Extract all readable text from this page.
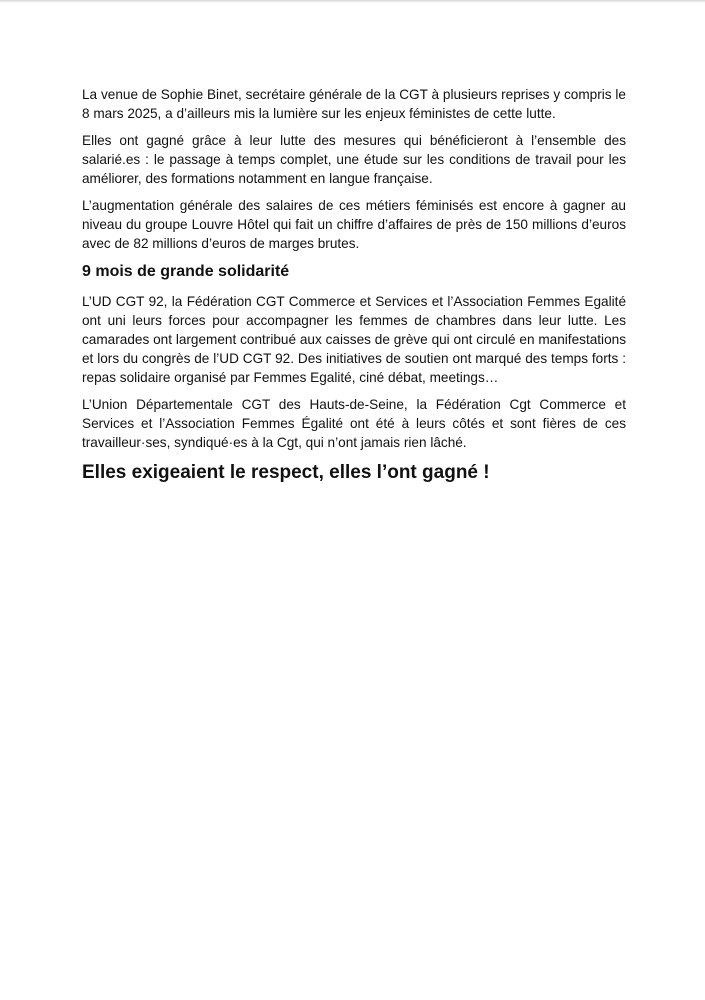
La venue de Sophie Binet, secrétaire générale de la CGT à plusieurs reprises y compris le 8 mars 2025, a d’ailleurs mis la lumière sur les enjeux féministes de cette lutte.

Elles ont gagné grâce à leur lutte des mesures qui bénéficieront à l’ensemble des salarié.es : le passage à temps complet, une étude sur les conditions de travail pour les améliorer, des formations notamment en langue française.

L’augmentation générale des salaires de ces métiers féminisés est encore à gagner au niveau du groupe Louvre Hôtel qui fait un chiffre d’affaires de près de 150 millions d’euros avec de 82 millions d’euros de marges brutes.

9 mois de grande solidarité

L’UD CGT 92, la Fédération CGT Commerce et Services et l’Association Femmes Egalité ont uni leurs forces pour accompagner les femmes de chambres dans leur lutte. Les camarades ont largement contribué aux caisses de grève qui ont circulé en manifestations et lors du congrès de l’UD CGT 92. Des initiatives de soutien ont marqué des temps forts : repas solidaire organisé par Femmes Egalité, ciné débat, meetings…

L’Union Départementale CGT des Hauts-de-Seine, la Fédération Cgt Commerce et Services et l’Association Femmes Égalité ont été à leurs côtés et sont fières de ces travailleur·ses, syndiqué·es à la Cgt, qui n’ont jamais rien lâché.

Elles exigeaient le respect, elles l’ont gagné !
